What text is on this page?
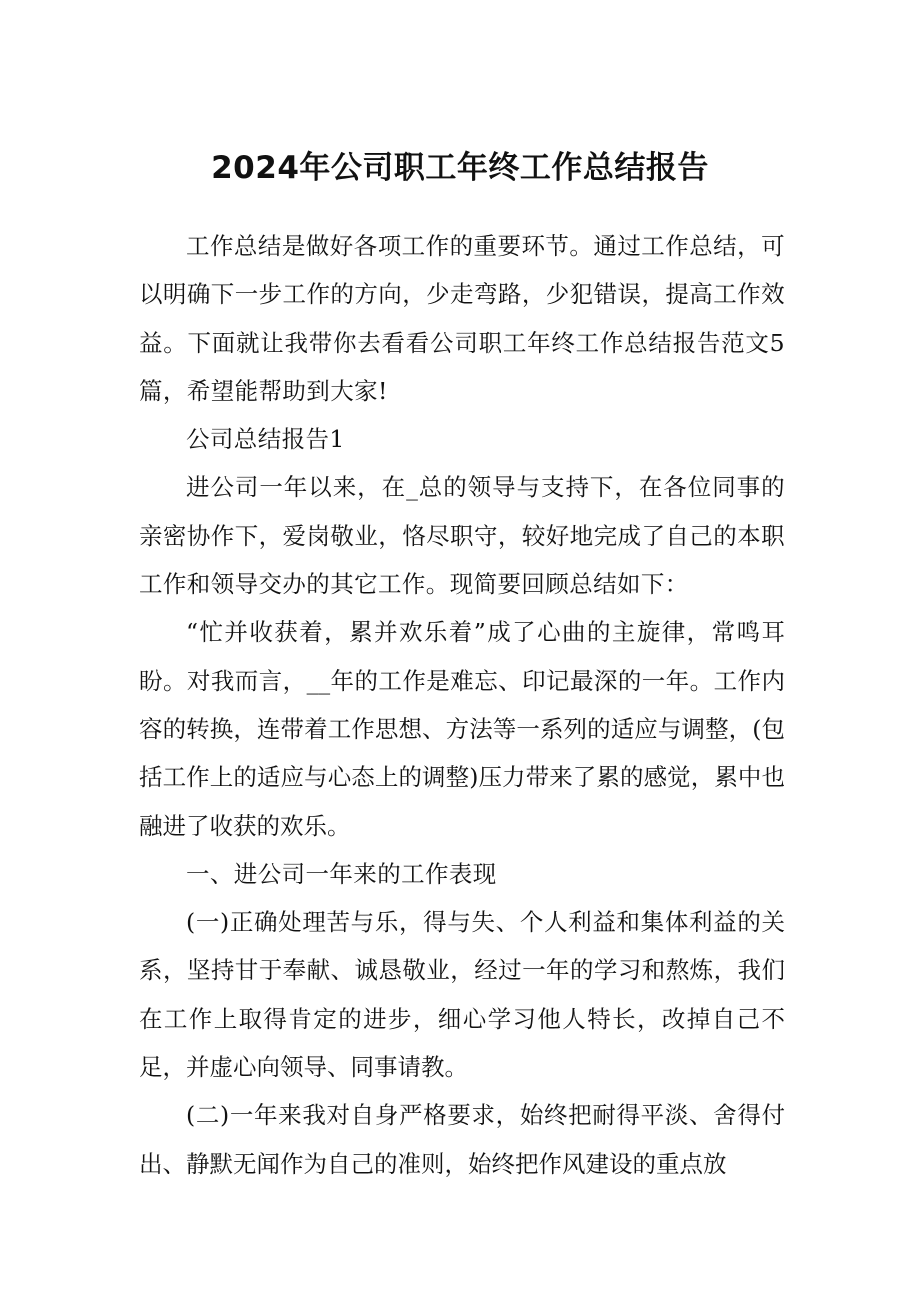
2024年公司职工年终工作总结报告

工作总结是做好各项工作的重要环节。通过工作总结，可以明确下一步工作的方向，少走弯路，少犯错误，提高工作效益。下面就让我带你去看看公司职工年终工作总结报告范文5篇，希望能帮助到大家!

公司总结报告1

进公司一年以来，在_总的领导与支持下，在各位同事的亲密协作下，爱岗敬业，恪尽职守，较好地完成了自己的本职工作和领导交办的其它工作。现简要回顾总结如下：

“忙并收获着，累并欢乐着”成了心曲的主旋律，常鸣耳盼。对我而言，__年的工作是难忘、印记最深的一年。工作内容的转换，连带着工作思想、方法等一系列的适应与调整，(包括工作上的适应与心态上的调整)压力带来了累的感觉，累中也融进了收获的欢乐。

一、进公司一年来的工作表现

(一)正确处理苦与乐，得与失、个人利益和集体利益的关系，坚持甘于奉献、诚恳敬业，经过一年的学习和熬炼，我们在工作上取得肯定的进步，细心学习他人特长，改掉自己不足，并虚心向领导、同事请教。

(二)一年来我对自身严格要求，始终把耐得平淡、舍得付出、静默无闻作为自己的准则，始终把作风建设的重点放
